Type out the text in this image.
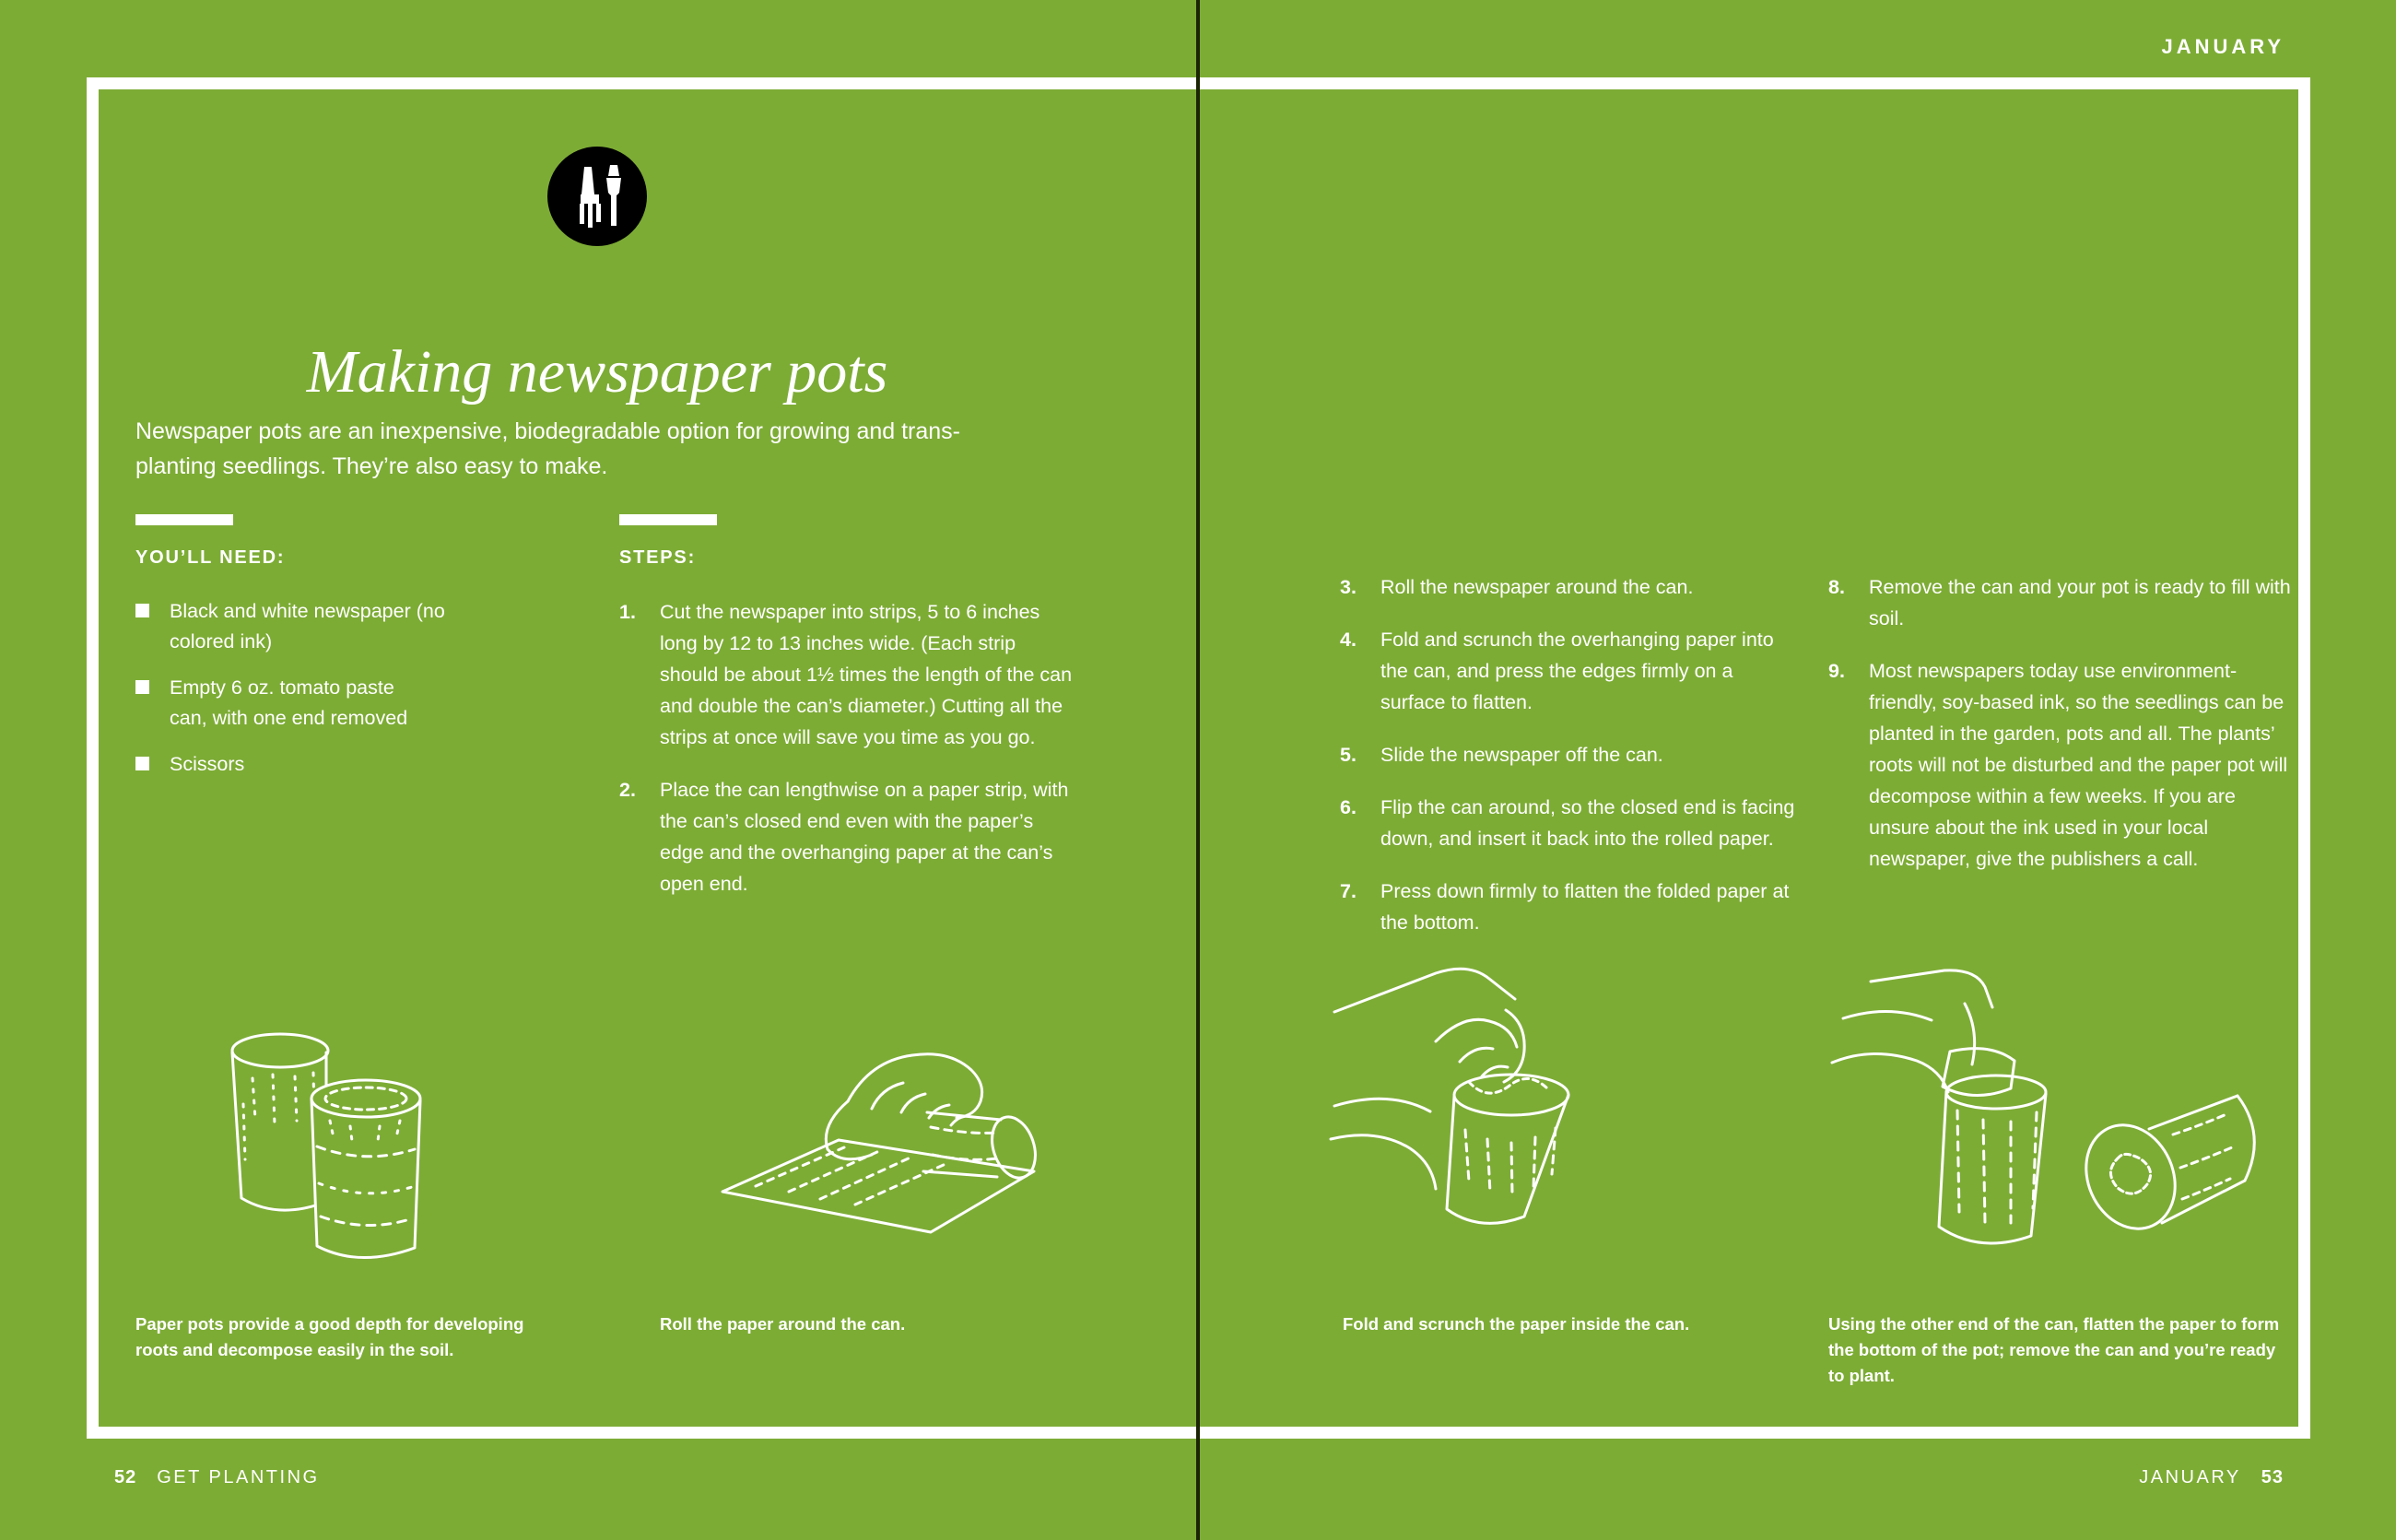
JANUARY
Making newspaper pots

Newspaper pots are an inexpensive, biodegradable option for growing and trans-
planting seedlings. They’re also easy to make.

YOU’LL NEED:
Black and white newspaper (no colored ink)
Empty 6 oz. tomato paste can, with one end removed
Scissors
STEPS:
1.	Cut the newspaper into strips, 5 to 6 inches long by 12 to 13 inches wide. (Each strip should be about 1½ times the length of the can and double the can’s diameter.) Cutting all the strips at once will save you time as you go.
2.	Place the can lengthwise on a paper strip, with the can’s closed end even with the paper’s edge and the overhanging paper at the can’s open end.
3.	Roll the newspaper around the can.
4.	Fold and scrunch the overhanging paper into the can, and press the edges firmly on a surface to flatten.
5.	Slide the newspaper off the can.
6.	Flip the can around, so the closed end is facing down, and insert it back into the rolled paper.
7.	Press down firmly to flatten the folded paper at the bottom.
8.	Remove the can and your pot is ready to fill with soil.
9.	Most newspapers today use environment-friendly, soy-based ink, so the seedlings can be planted in the garden, pots and all. The plants’ roots will not be disturbed and the paper pot will decompose within a few weeks. If you are unsure about the ink used in your local newspaper, give the publishers a call.
Paper pots provide a good depth for developing roots and decompose easily in the soil.
Roll the paper around the can.	Fold and scrunch the paper inside the can.	Using the other end of the can, flatten the paper to form the bottom of the pot; remove the can and you’re ready to plant.
52 GET PLANTING	JANUARY 53
